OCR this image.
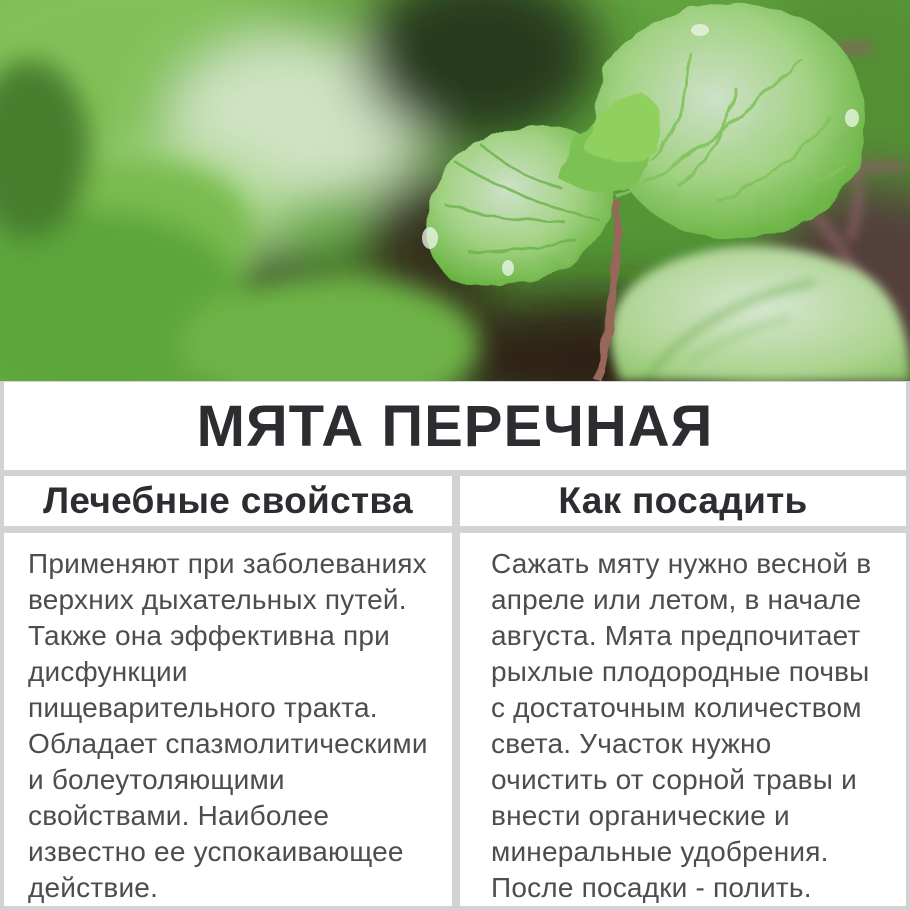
МЯТА ПЕРЕЧНАЯ
Лечебные свойства	Как посадить
Применяют при заболеваниях верхних дыхательных путей. Также она эффективна при дисфункции пищеварительного тракта. Обладает спазмолитическими и болеутоляющими свойствами. Наиболее известно ее успокаивающее действие.
Сажать мяту нужно весной в апреле или летом, в начале августа. Мята предпочитает рыхлые плодородные почвы с достаточным количеством света. Участок нужно очистить от сорной травы и внести органические и минеральные удобрения. После посадки - полить.
